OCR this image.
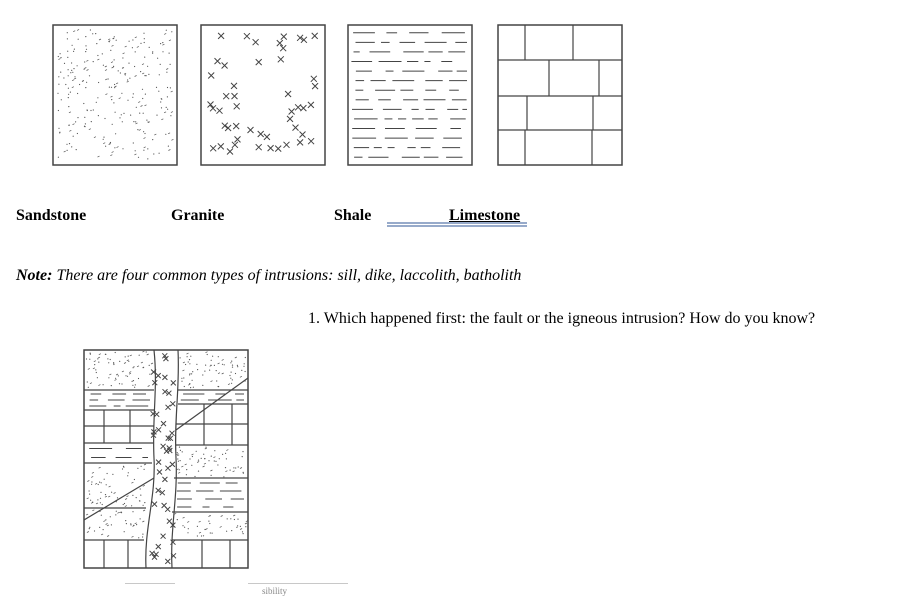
Sandstone	Granite	Shale	Limestone
Note: There are four common types of intrusions: sill, dike, laccolith, batholith
1. Which happened first: the fault or the igneous intrusion? How do you know?
sibility
